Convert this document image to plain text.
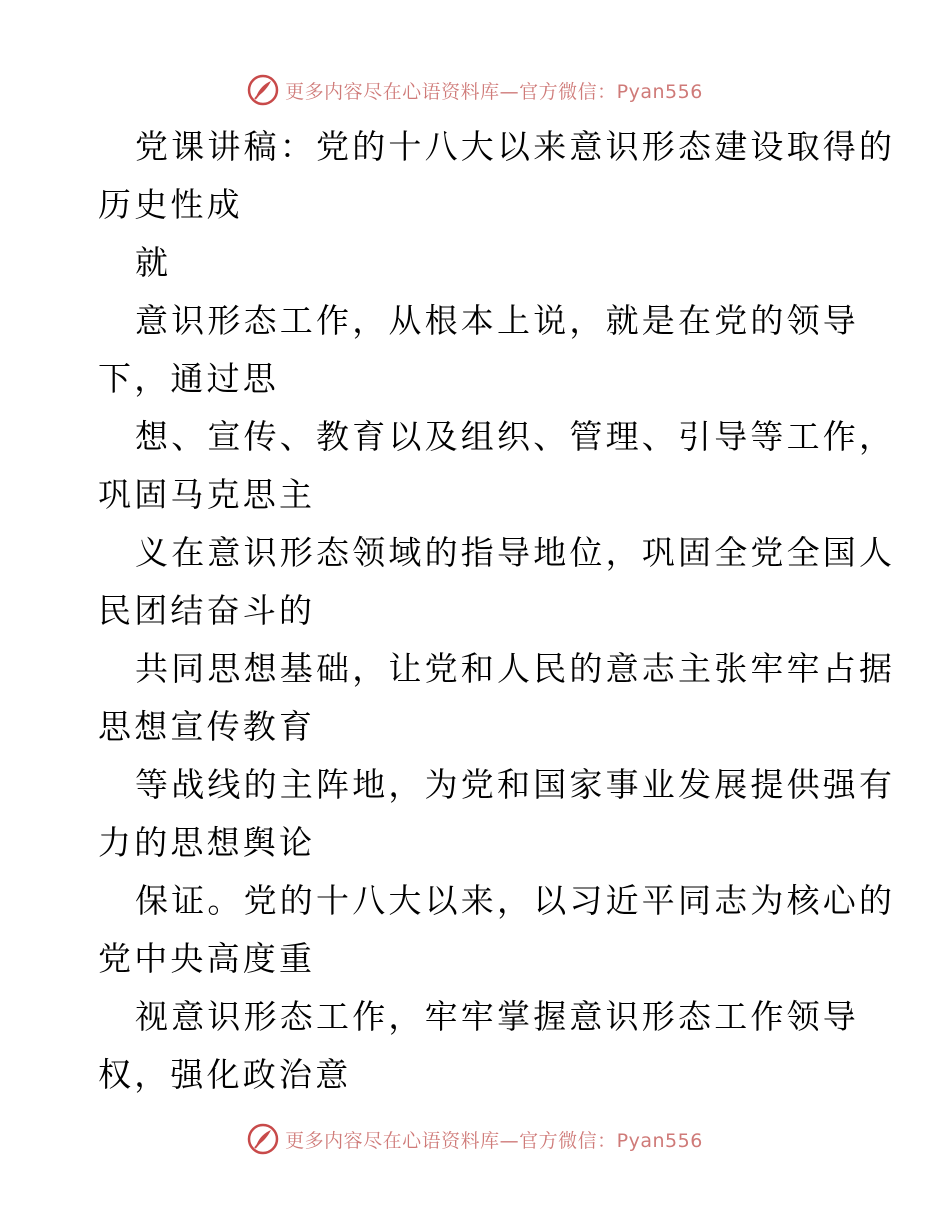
更多内容尽在心语资料库—官方微信：Pyan556
党课讲稿：党的十八大以来意识形态建设取得的
历史性成
就
意识形态工作，从根本上说，就是在党的领导
下，通过思
想、宣传、教育以及组织、管理、引导等工作，
巩固马克思主
义在意识形态领域的指导地位，巩固全党全国人
民团结奋斗的
共同思想基础，让党和人民的意志主张牢牢占据
思想宣传教育
等战线的主阵地，为党和国家事业发展提供强有
力的思想舆论
保证。党的十八大以来，以习近平同志为核心的
党中央高度重
视意识形态工作，牢牢掌握意识形态工作领导
权，强化政治意
更多内容尽在心语资料库—官方微信：Pyan556
